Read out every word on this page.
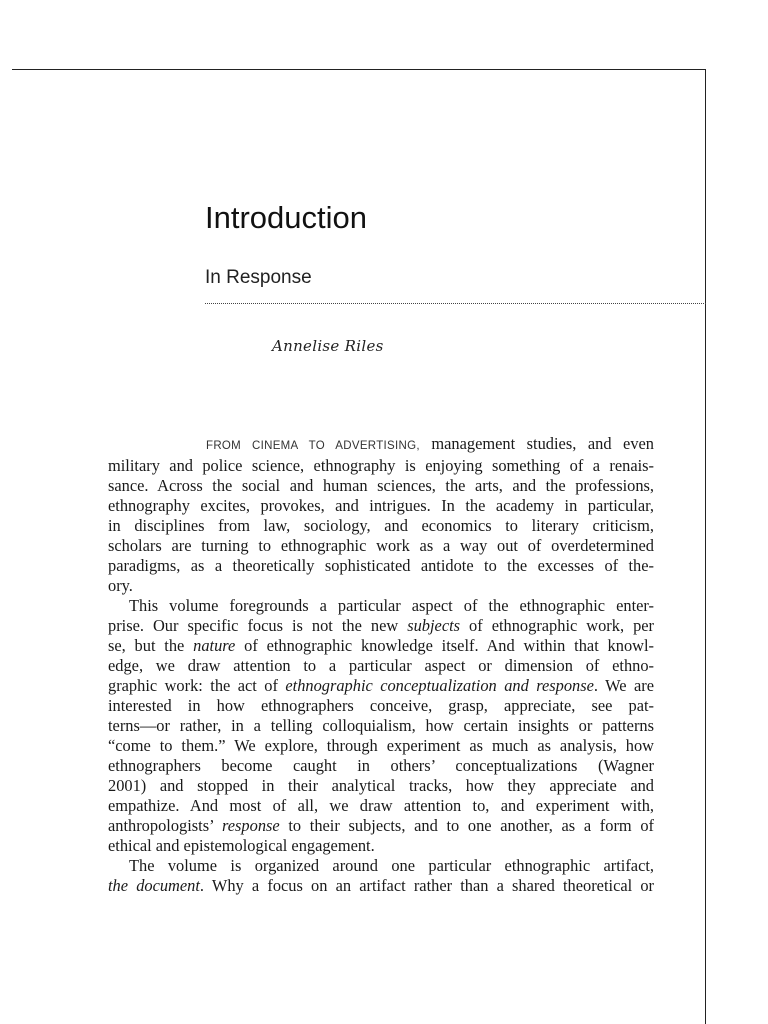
Introduction
In Response

Annelise Riles

FROM CINEMA TO ADVERTISING, management studies, and even
military and police science, ethnography is enjoying something of a renais-
sance. Across the social and human sciences, the arts, and the professions,
ethnography excites, provokes, and intrigues. In the academy in particular,
in disciplines from law, sociology, and economics to literary criticism,
scholars are turning to ethnographic work as a way out of overdetermined
paradigms, as a theoretically sophisticated antidote to the excesses of the-
ory.

This volume foregrounds a particular aspect of the ethnographic enter-
prise. Our specific focus is not the new subjects of ethnographic work, per
se, but the nature of ethnographic knowledge itself. And within that knowl-
edge, we draw attention to a particular aspect or dimension of ethno-
graphic work: the act of ethnographic conceptualization and response. We are
interested in how ethnographers conceive, grasp, appreciate, see pat-
terns—or rather, in a telling colloquialism, how certain insights or patterns
“come to them.” We explore, through experiment as much as analysis, how
ethnographers become caught in others’ conceptualizations (Wagner
2001) and stopped in their analytical tracks, how they appreciate and
empathize. And most of all, we draw attention to, and experiment with,
anthropologists’ response to their subjects, and to one another, as a form of
ethical and epistemological engagement.

The volume is organized around one particular ethnographic artifact,
the document. Why a focus on an artifact rather than a shared theoretical or
